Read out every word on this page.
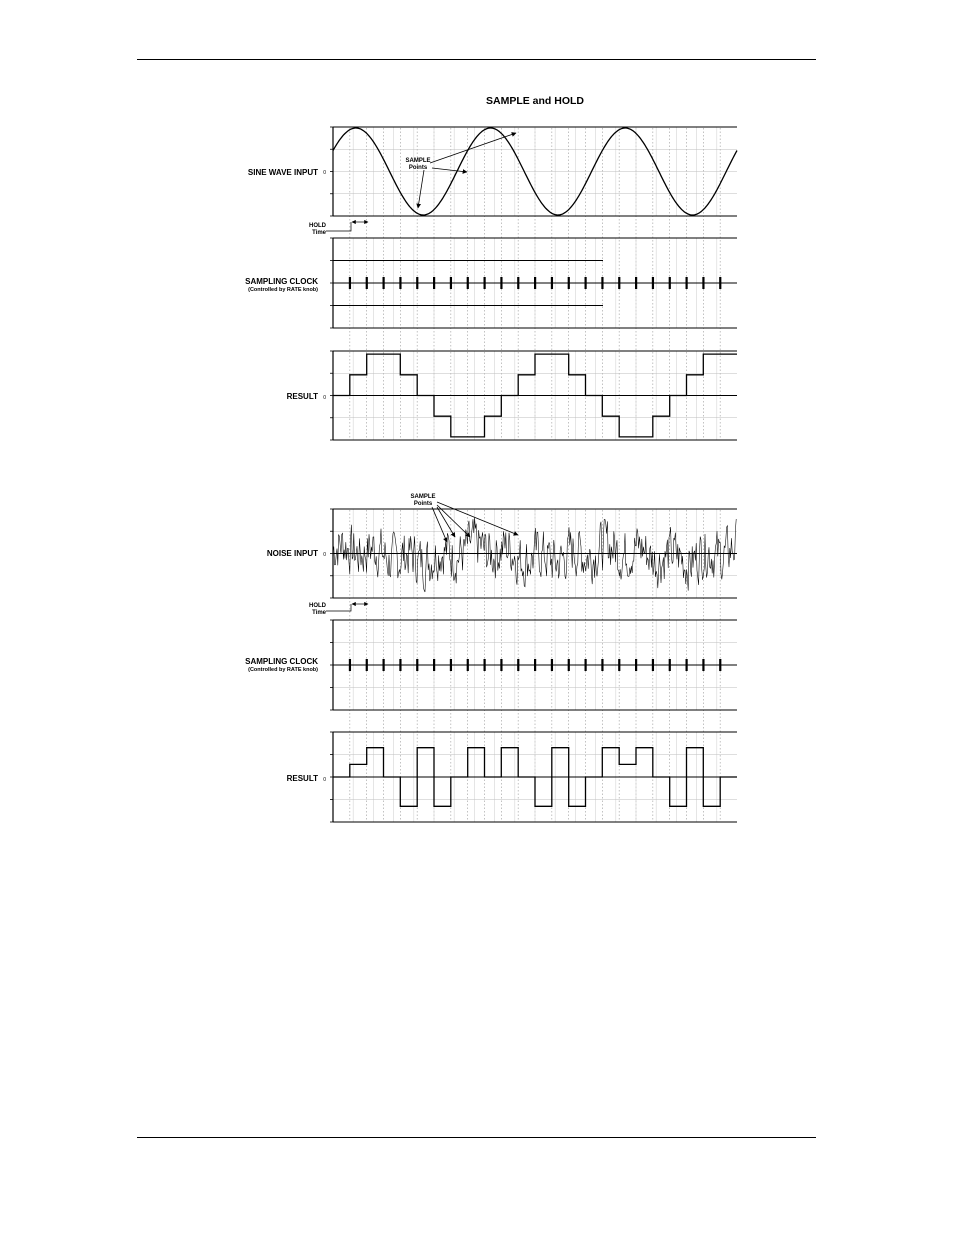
SAMPLE and HOLD
SINE WAVE INPUT 0
SAMPLE
Points
HOLD
Time
SAMPLING CLOCK
(Controlled by RATE knob)
RESULT 0
NOISE INPUT 0
SAMPLE
Points
HOLD
Time
SAMPLING CLOCK
(Controlled by RATE knob)
RESULT 0
